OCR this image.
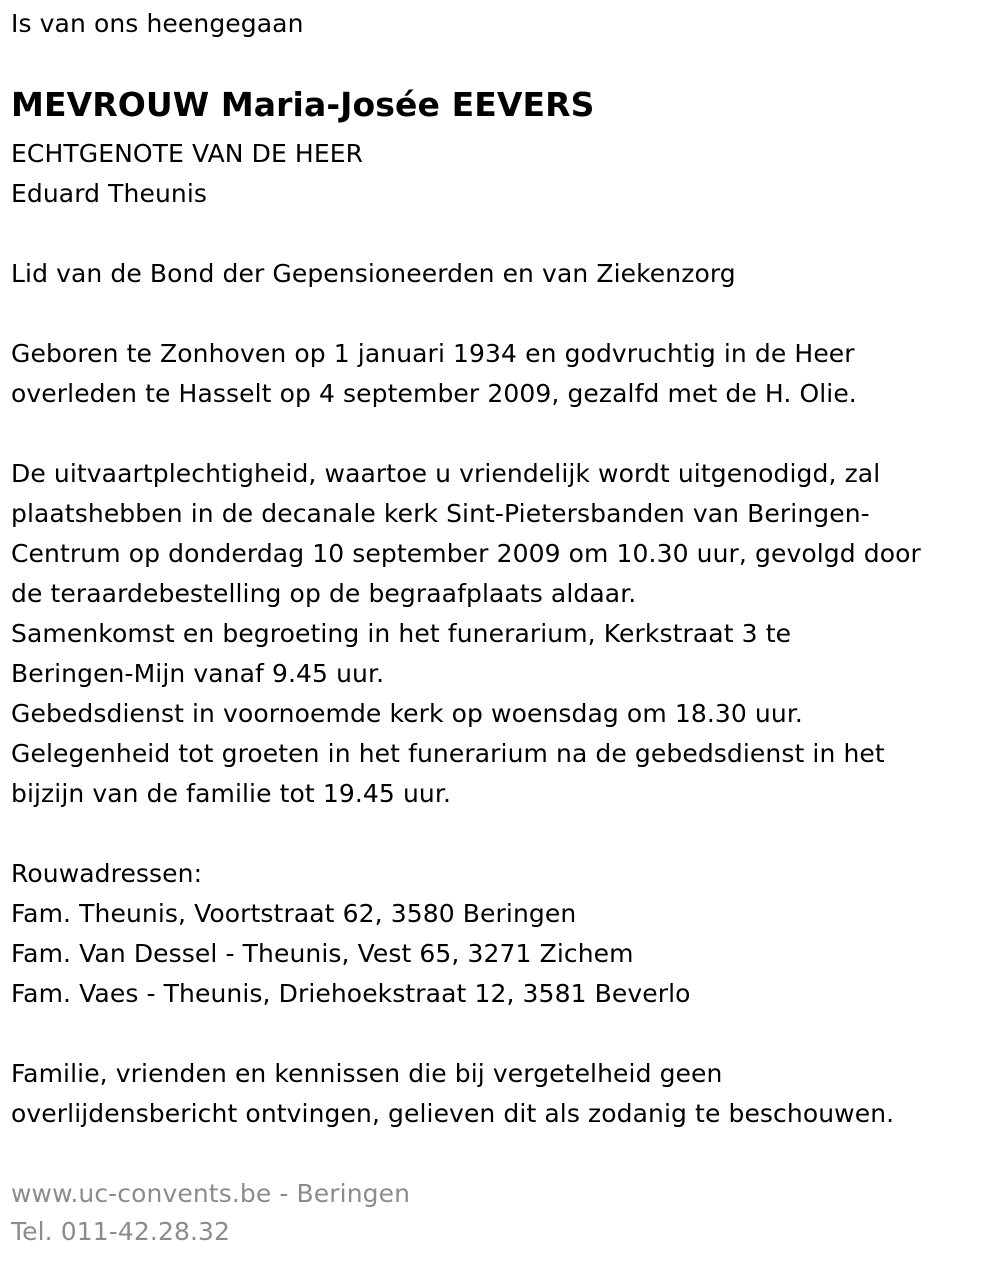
Is van ons heengegaan
MEVROUW Maria-Josée EEVERS
ECHTGENOTE VAN DE HEER
Eduard Theunis
Lid van de Bond der Gepensioneerden en van Ziekenzorg
Geboren te Zonhoven op 1 januari 1934 en godvruchtig in de Heer
overleden te Hasselt op 4 september 2009, gezalfd met de H. Olie.
De uitvaartplechtigheid, waartoe u vriendelijk wordt uitgenodigd, zal
plaatshebben in de decanale kerk Sint-Pietersbanden van Beringen-
Centrum op donderdag 10 september 2009 om 10.30 uur, gevolgd door
de teraardebestelling op de begraafplaats aldaar.
Samenkomst en begroeting in het funerarium, Kerkstraat 3 te
Beringen-Mijn vanaf 9.45 uur.
Gebedsdienst in voornoemde kerk op woensdag om 18.30 uur.
Gelegenheid tot groeten in het funerarium na de gebedsdienst in het
bijzijn van de familie tot 19.45 uur.
Rouwadressen:
Fam. Theunis, Voortstraat 62, 3580 Beringen
Fam. Van Dessel - Theunis, Vest 65, 3271 Zichem
Fam. Vaes - Theunis, Driehoekstraat 12, 3581 Beverlo
Familie, vrienden en kennissen die bij vergetelheid geen
overlijdensbericht ontvingen, gelieven dit als zodanig te beschouwen.
www.uc-convents.be - Beringen
Tel. 011-42.28.32
